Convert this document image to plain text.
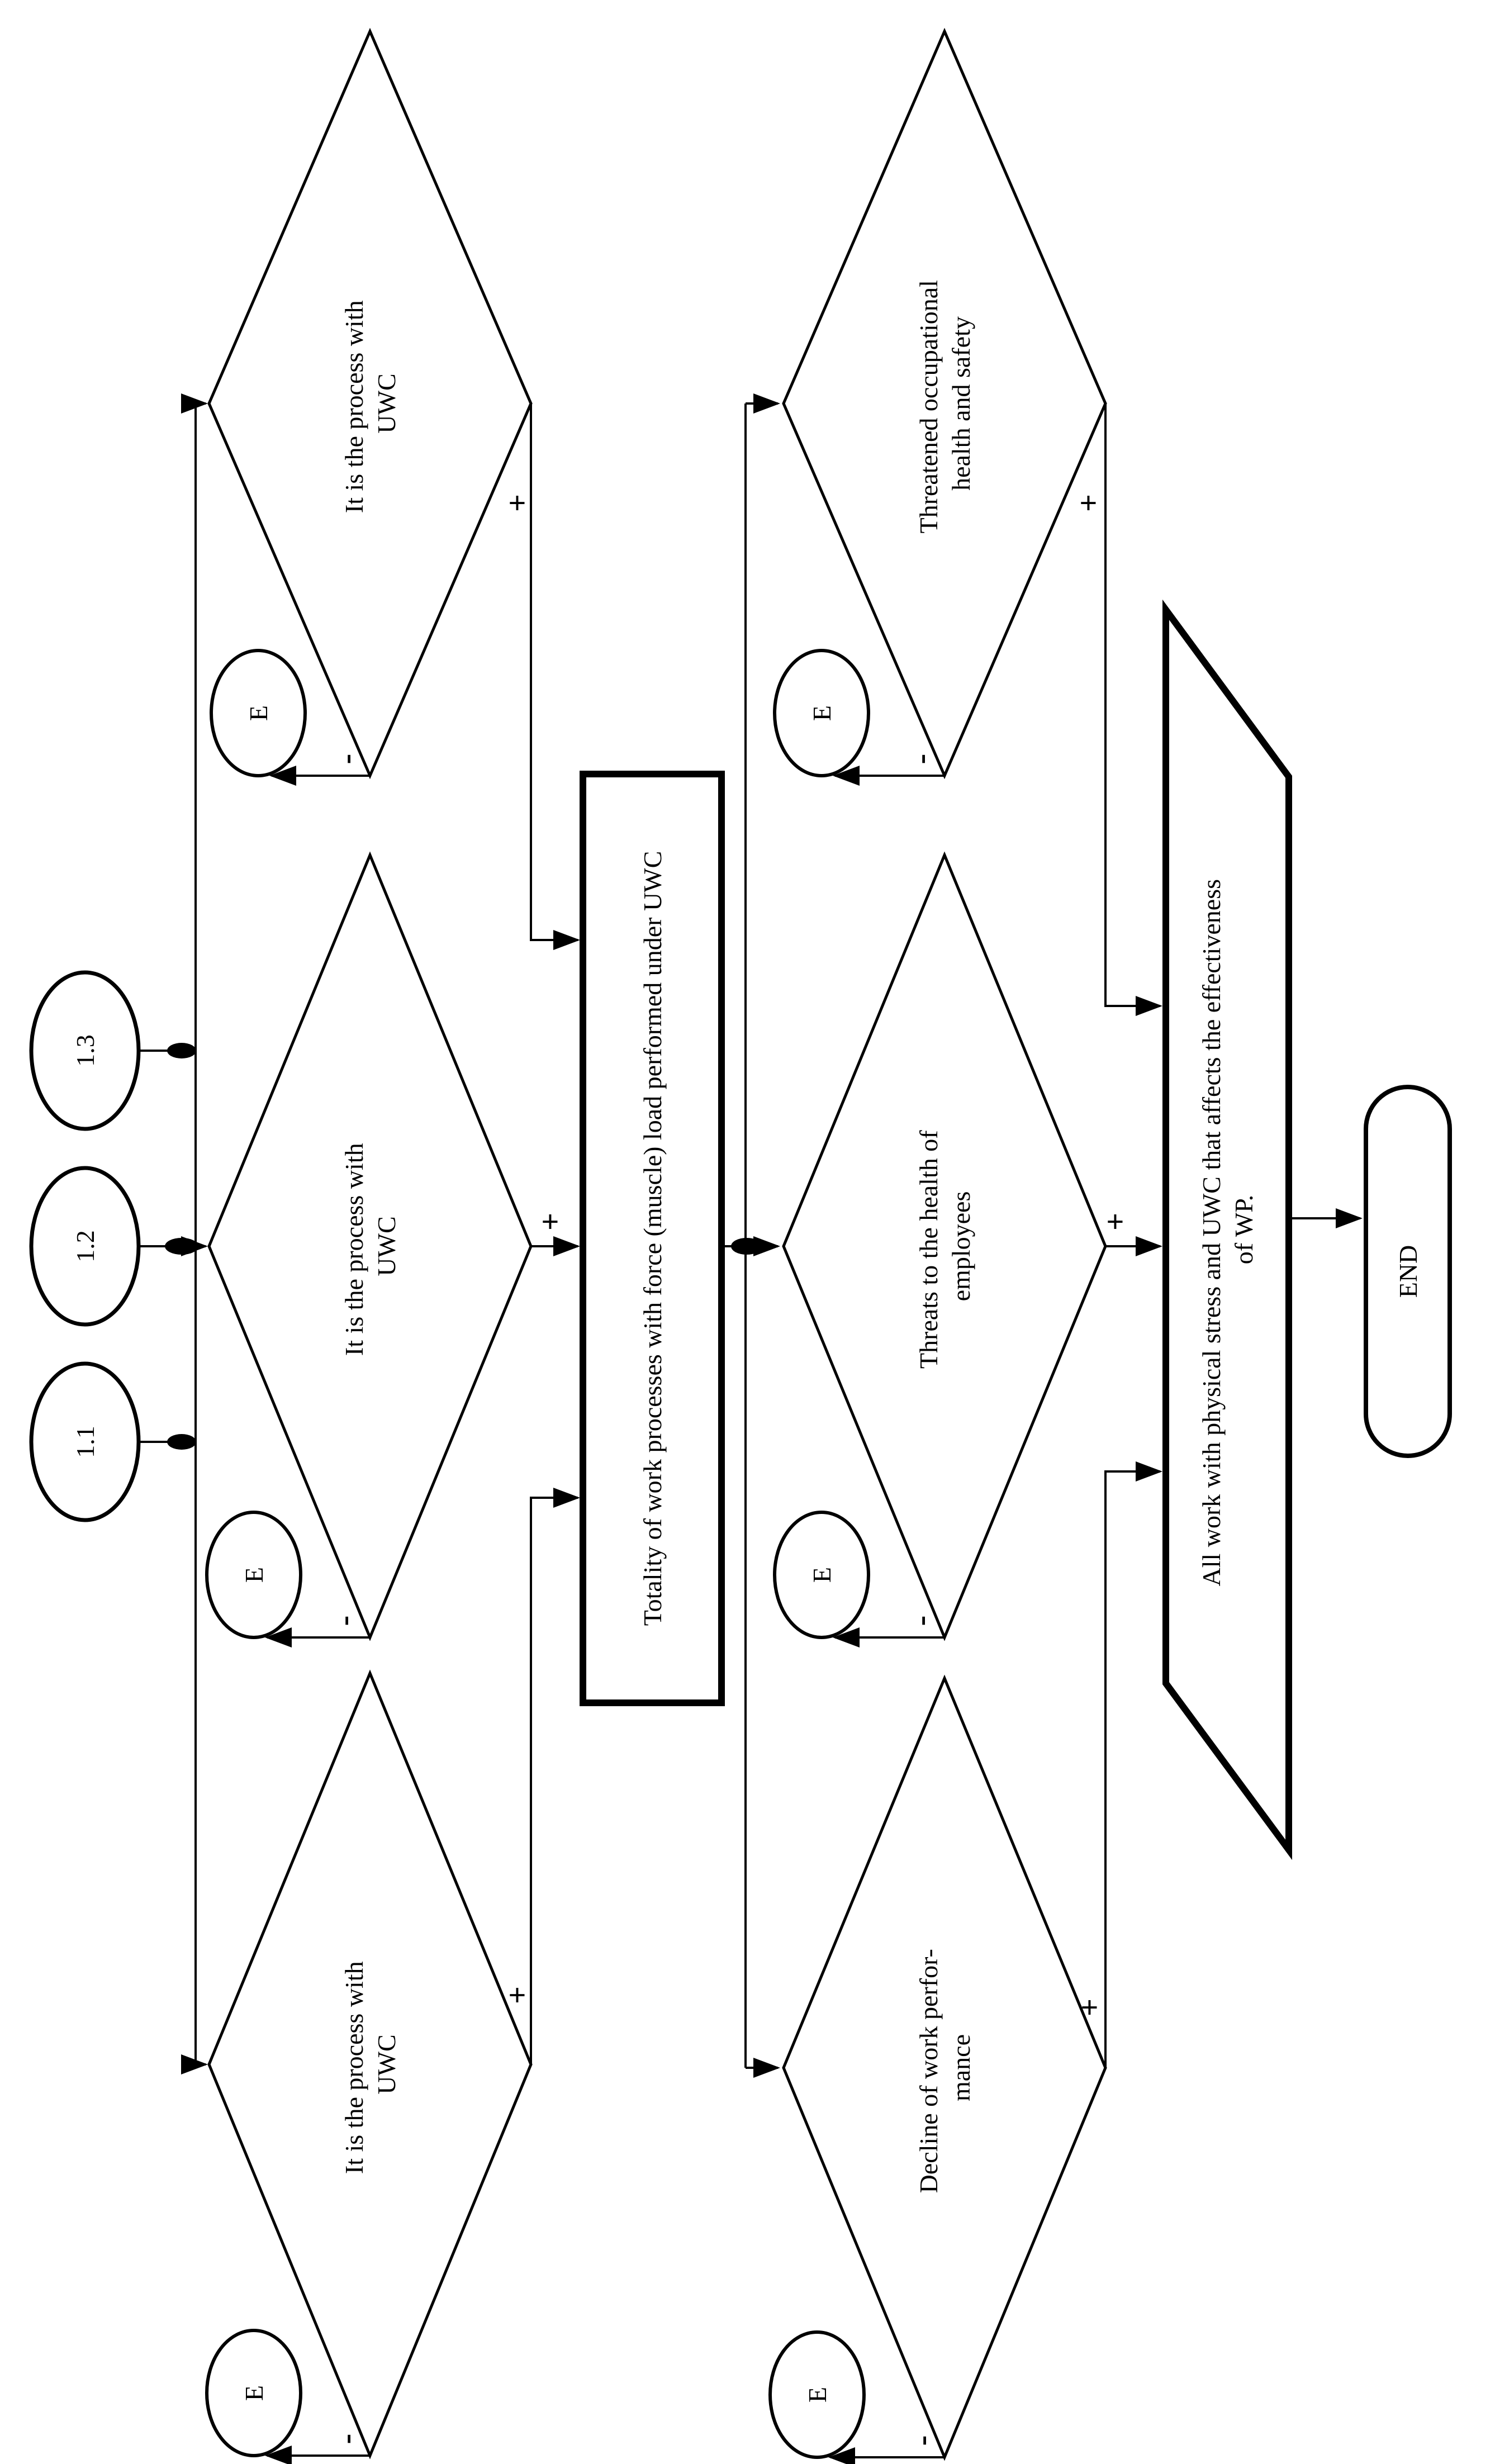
1.3
1.2
1.1
It is the process with UWC
It is the process with UWC
It is the process with UWC
Threatened occupational health and safety
Threats to the health of employees
Decline of work perfor- mance
Totality of work processes with force (muscle) load performed under UWC	All work with physical stress and UWC that affects the effectiveness of WP.
END
E
E
E
E
E
E
+
+
+
+
+
+
-
-
-
-
-
-
